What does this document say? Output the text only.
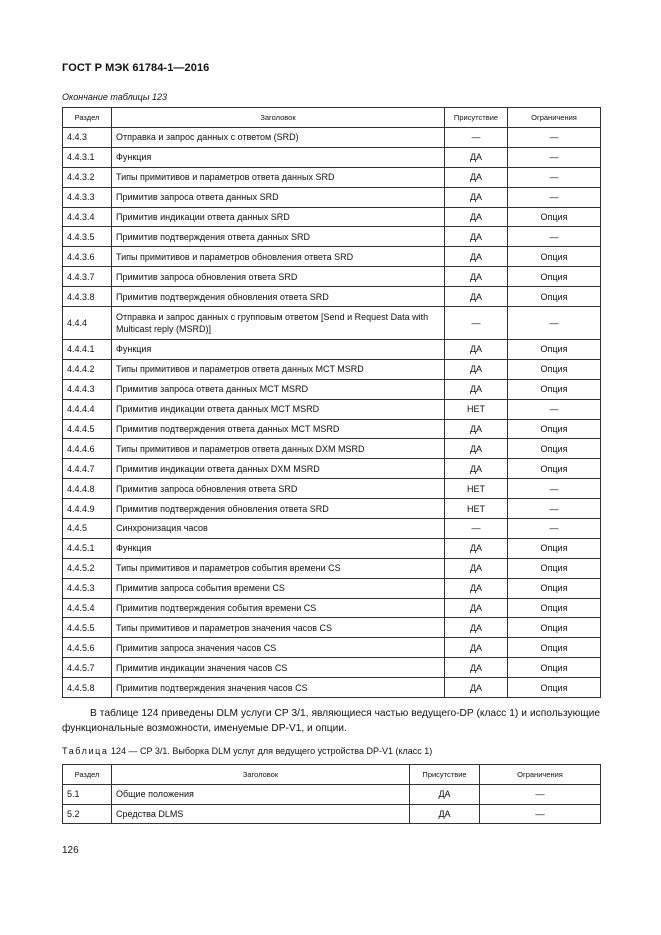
ГОСТ Р МЭК 61784-1—2016
Окончание таблицы 123
Раздел	Заголовок	Присутствие	Ограничения
4.4.3	Отправка и запрос данных с ответом (SRD)	—	—
4.4.3.1	Функция	ДА	—
4.4.3.2	Типы примитивов и параметров ответа данных SRD	ДА	—
4.4.3.3	Примитив запроса ответа данных SRD	ДА	—
4.4.3.4	Примитив индикации ответа данных SRD	ДА	Опция
4.4.3.5	Примитив подтверждения ответа данных SRD	ДА	—
4.4.3.6	Типы примитивов и параметров обновления ответа SRD	ДА	Опция
4.4.3.7	Примитив запроса обновления ответа SRD	ДА	Опция
4.4.3.8	Примитив подтверждения обновления ответа SRD	ДА	Опция
4.4.4	Отправка и запрос данных с групповым ответом [Send и Request Data with Multicast reply (MSRD)]	—	—
4.4.4.1	Функция	ДА	Опция
4.4.4.2	Типы примитивов и параметров ответа данных MCT MSRD	ДА	Опция
4.4.4.3	Примитив запроса ответа данных MCT MSRD	ДА	Опция
4.4.4.4	Примитив индикации ответа данных MCT MSRD	НЕТ	—
4.4.4.5	Примитив подтверждения ответа данных MCT MSRD	ДА	Опция
4.4.4.6	Типы примитивов и параметров ответа данных DXM MSRD	ДА	Опция
4.4.4.7	Примитив индикации ответа данных DXM MSRD	ДА	Опция
4.4.4.8	Примитив запроса обновления ответа SRD	НЕТ	—
4.4.4.9	Примитив подтверждения обновления ответа SRD	НЕТ	—
4.4.5	Синхронизация часов	—	—
4.4.5.1	Функция	ДА	Опция
4.4.5.2	Типы примитивов и параметров события времени CS	ДА	Опция
4.4.5.3	Примитив запроса события времени CS	ДА	Опция
4.4.5.4	Примитив подтверждения события времени CS	ДА	Опция
4.4.5.5	Типы примитивов и параметров значения часов CS	ДА	Опция
4.4.5.6	Примитив запроса значения часов CS	ДА	Опция
4.4.5.7	Примитив индикации значения часов CS	ДА	Опция
4.4.5.8	Примитив подтверждения значения часов CS	ДА	Опция
В таблице 124 приведены DLM услуги CP 3/1, являющиеся частью ведущего-DP (класс 1) и использующие функциональные возможности, именуемые DP-V1, и опции.
Таблица 124 — CP 3/1. Выборка DLM услуг для ведущего устройства DP-V1 (класс 1)
Раздел	Заголовок	Присутствие	Ограничения
5.1	Общие положения	ДА	—
5.2	Средства DLMS	ДА	—
126
